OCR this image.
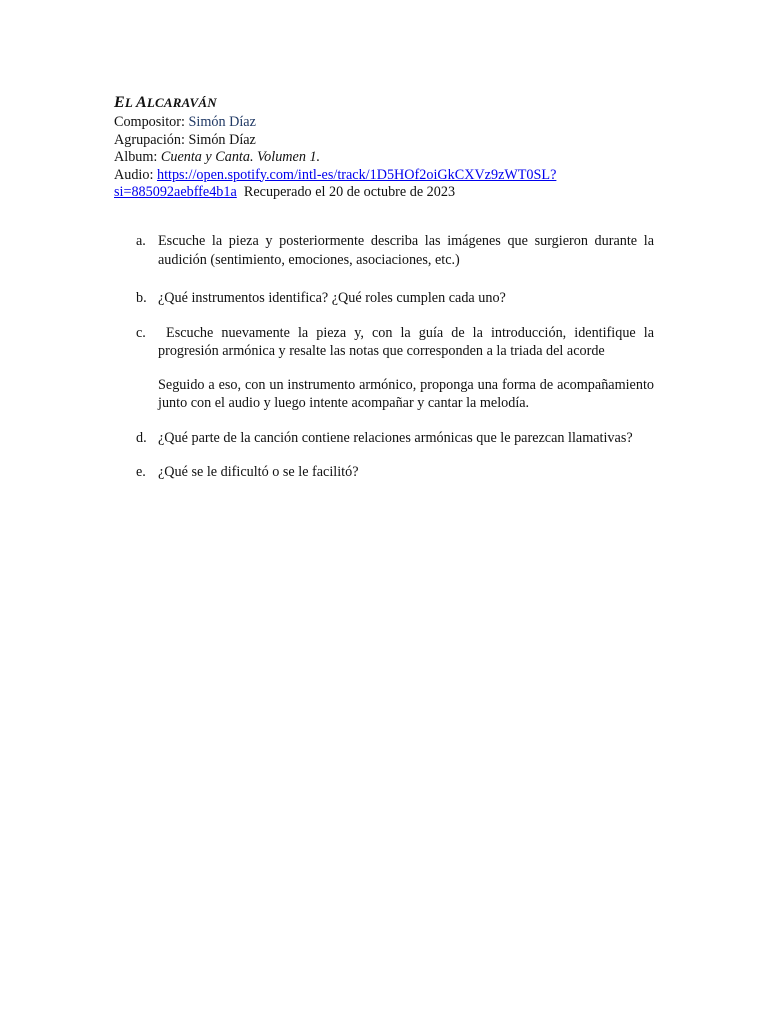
EL ALCARAVÁN
Compositor: Simón Díaz
Agrupación: Simón Díaz
Album: Cuenta y Canta. Volumen 1.
Audio: https://open.spotify.com/intl-es/track/1D5HOf2oiGkCXVz9zWT0SL?
si=885092aebffe4b1a Recuperado el 20 de octubre de 2023
a. Escuche la pieza y posteriormente describa las imágenes que surgieron durante la audición (sentimiento, emociones, asociaciones, etc.)
b. ¿Qué instrumentos identifica? ¿Qué roles cumplen cada uno?
c.	Escuche nuevamente la pieza y, con la guía de la introducción, identifique la progresión armónica y resalte las notas que corresponden a la triada del acorde
Seguido a eso, con un instrumento armónico, proponga una forma de acompañamiento junto con el audio y luego intente acompañar y cantar la melodía.
d. ¿Qué parte de la canción contiene relaciones armónicas que le parezcan llamativas?
e. ¿Qué se le dificultó o se le facilitó?
